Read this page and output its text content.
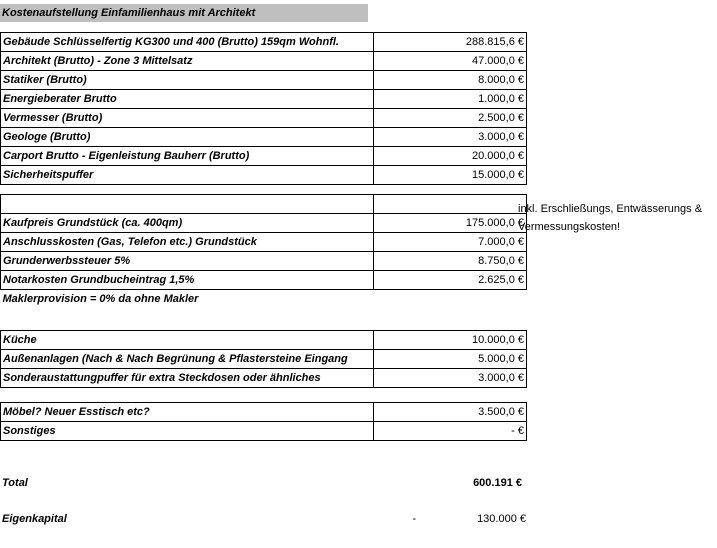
Kostenaufstellung Einfamilienhaus mit Architekt
Gebäude Schlüsselfertig KG300 und 400 (Brutto) 159qm Wohnfl.	288.815,6 €
Architekt (Brutto) - Zone 3 Mittelsatz	47.000,0 €
Statiker (Brutto)	8.000,0 €
Energieberater Brutto	1.000,0 €
Vermesser (Brutto)	2.500,0 €
Geologe (Brutto)	3.000,0 €
Carport Brutto - Eigenleistung Bauherr (Brutto)	20.000,0 €
Sicherheitspuffer	15.000,0 €

Kaufpreis Grundstück (ca. 400qm)	175.000,0 €
Anschlusskosten (Gas, Telefon etc.) Grundstück	7.000,0 €
Grunderwerbssteuer 5%	8.750,0 €
Notarkosten Grundbucheintrag 1,5%	2.625,0 €
Maklerprovision = 0% da ohne Makler	
inkl. Erschließungs, Entwässerungs &
Vermessungskosten!
Küche	10.000,0 €
Außenanlagen (Nach & Nach Begrünung & Pflastersteine Eingang	5.000,0 €
Sonderaustattungpuffer für extra Steckdosen oder ähnliches	3.000,0 €
Möbel? Neuer Esstisch etc?	3.500,0 €
Sonstiges	- €
Total	600.191 €
Eigenkapital	-	130.000 €
